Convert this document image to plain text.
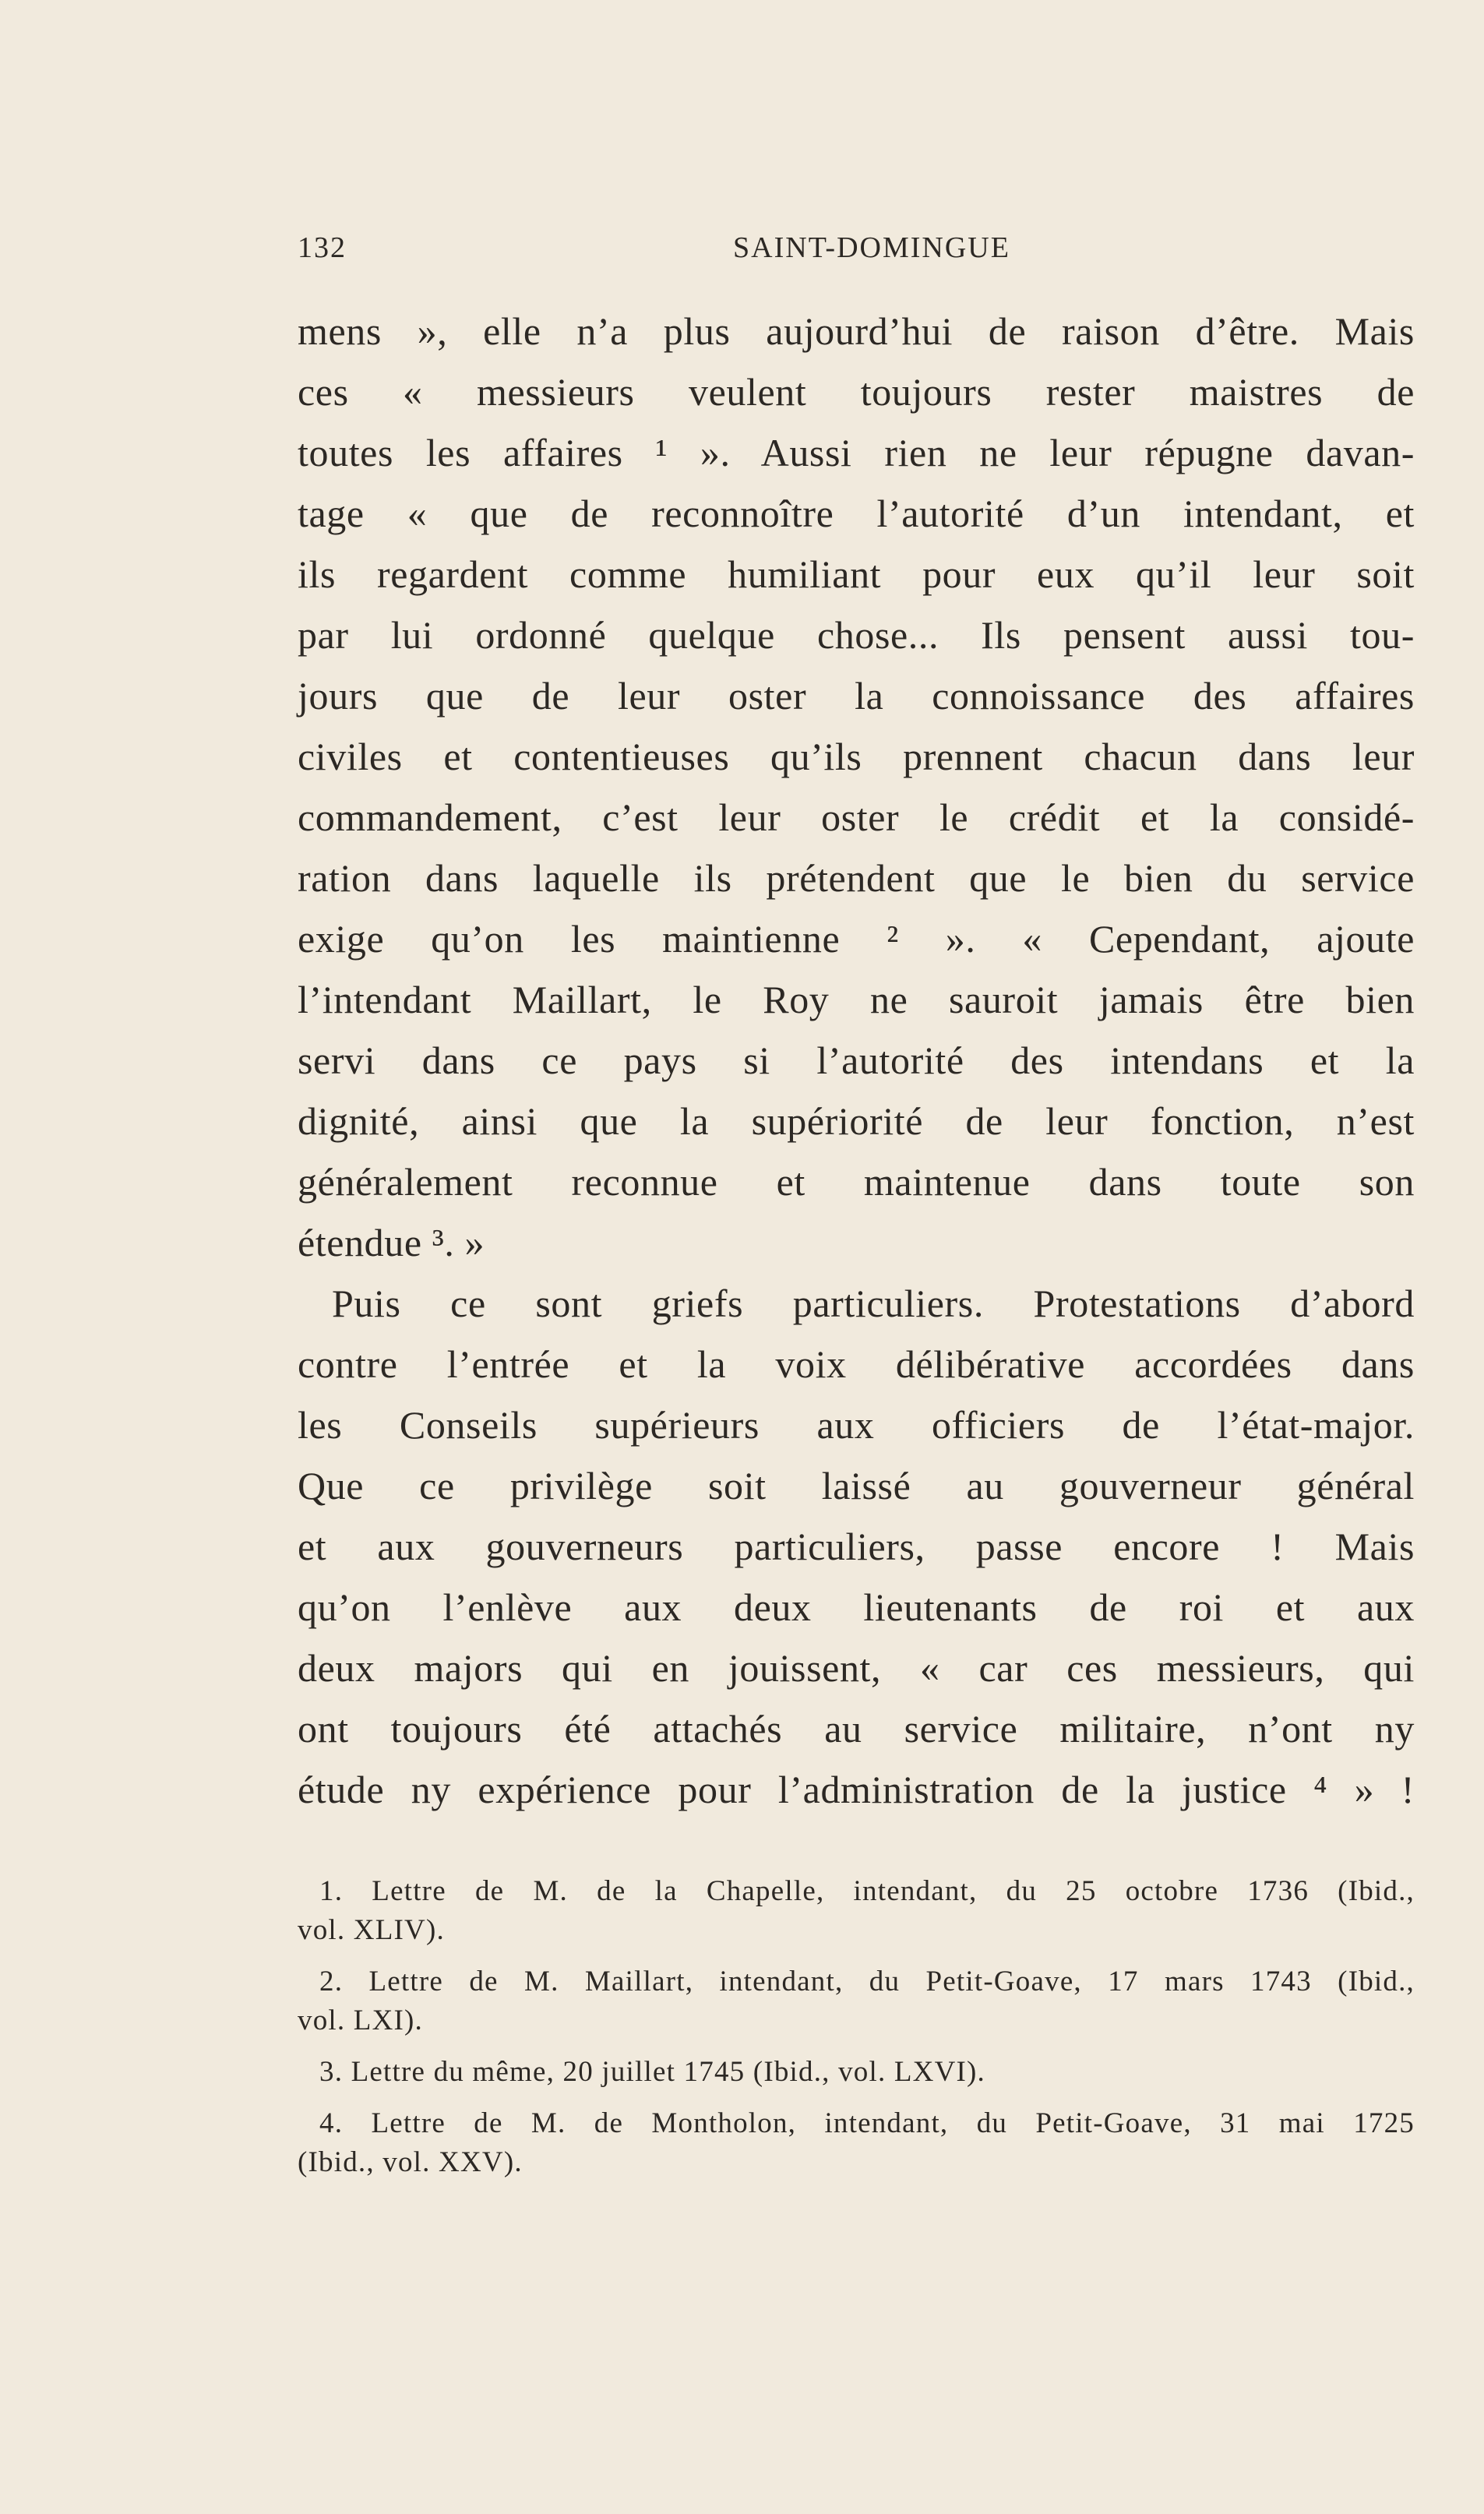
132	SAINT-DOMINGUE
mens », elle n’a plus aujourd’hui de raison d’être. Mais
ces « messieurs veulent toujours rester maistres de
toutes les affaires ¹ ». Aussi rien ne leur répugne davan-
tage « que de reconnoître l’autorité d’un intendant, et
ils regardent comme humiliant pour eux qu’il leur soit
par lui ordonné quelque chose... Ils pensent aussi tou-
jours que de leur oster la connoissance des affaires
civiles et contentieuses qu’ils prennent chacun dans leur
commandement, c’est leur oster le crédit et la considé-
ration dans laquelle ils prétendent que le bien du service
exige qu’on les maintienne ² ». « Cependant, ajoute
l’intendant Maillart, le Roy ne sauroit jamais être bien
servi dans ce pays si l’autorité des intendans et la
dignité, ainsi que la supériorité de leur fonction, n’est
généralement reconnue et maintenue dans toute son
étendue ³. »
Puis ce sont griefs particuliers. Protestations d’abord
contre l’entrée et la voix délibérative accordées dans
les Conseils supérieurs aux officiers de l’état-major.
Que ce privilège soit laissé au gouverneur général
et aux gouverneurs particuliers, passe encore ! Mais
qu’on l’enlève aux deux lieutenants de roi et aux
deux majors qui en jouissent, « car ces messieurs, qui
ont toujours été attachés au service militaire, n’ont ny
étude ny expérience pour l’administration de la justice ⁴ » !
1. Lettre de M. de la Chapelle, intendant, du 25 octobre 1736 (Ibid.,
vol. XLIV).
2. Lettre de M. Maillart, intendant, du Petit-Goave, 17 mars 1743 (Ibid.,
vol. LXI).
3. Lettre du même, 20 juillet 1745 (Ibid., vol. LXVI).
4. Lettre de M. de Montholon, intendant, du Petit-Goave, 31 mai 1725
(Ibid., vol. XXV).
